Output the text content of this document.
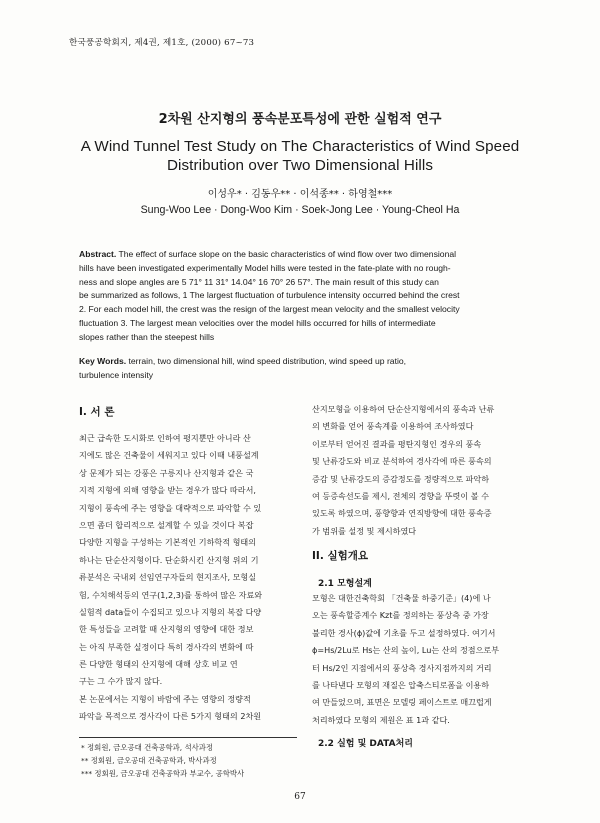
한국풍공학회지, 제4권, 제1호, (2000) 67~73
2차원 산지형의 풍속분포특성에 관한 실험적 연구
A Wind Tunnel Test Study on The Characteristics of Wind Speed
Distribution over Two Dimensional Hills
이성우* · 김동우** · 이석종** · 하영철***
Sung-Woo Lee · Dong-Woo Kim · Soek-Jong Lee · Young-Cheol Ha
Abstract. The effect of surface slope on the basic characteristics of wind flow over two dimensional
hills have been investigated experimentally Model hills were tested in the fate-plate with no rough-
ness and slope angles are 5 71° 11 31° 14.04° 16 70° 26 57°. The main result of this study can
be summarized as follows, 1 The largest fluctuation of turbulence intensity occurred behind the crest
2. For each model hill, the crest was the resign of the largest mean velocity and the smallest velocity
fluctuation 3. The largest mean velocities over the model hills occurred for hills of intermediate
slopes rather than the steepest hills
Key Words. terrain, two dimensional hill, wind speed distribution, wind speed up ratio,
turbulence intensity
I. 서 론
최근 급속한 도시화로 인하여 평지뿐만 아니라 산
지에도 많은 건축물이 세워지고 있다 이때 내풍설계
상 문제가 되는 강풍은 구릉지나 산지형과 같은 국
지적 지형에 의해 영향을 받는 경우가 많다 따라서,
지형이 풍속에 주는 영향을 대략적으로 파악할 수 있
으면 좀더 합리적으로 설계할 수 있을 것이다 복잡
다양한 지형을 구성하는 기본적인 기하학적 형태의
하나는 단순산지형이다. 단순화시킨 산지형 위의 기
류분석은 국내외 선임연구자들의 현지조사, 모형실
험, 수치해석등의 연구(1,2,3)를 통하여 많은 자료와
실험적 data들이 수집되고 있으나 지형의 복잡 다양
한 특성들을 고려할 때 산지형의 영향에 대한 정보
는 아직 부족한 실정이다 특히 경사각의 변화에 따
른 다양한 형태의 산지형에 대해 상호 비교 연
구는 그 수가 많지 않다.
본 논문에서는 지형이 바람에 주는 영향의 정량적
파악을 목적으로 경사각이 다른 5가지 형태의 2차원
* 정회원, 금오공대 건축공학과, 석사과정
** 정회원, 금오공대 건축공학과, 박사과정
*** 정회원, 금오공대 건축공학과 부교수, 공학박사
산지모형을 이용하여 단순산지형에서의 풍속과 난류
의 변화를 얻어 풍속계를 이용하여 조사하였다
이로부터 얻어진 결과를 평탄지형인 경우의 풍속
및 난류강도와 비교 분석하여 경사각에 따른 풍속의
증감 및 난류강도의 증감정도를 정량적으로 파악하
여 등증속선도를 제시, 전체의 경향을 뚜렷이 볼 수
있도록 하였으며, 풍향향과 연직방향에 대한 풍속증
가 범위를 설정 및 제시하였다
II. 실험개요
2.1 모형설계
모형은 대한건축학회 「건축물 하중기준」(4)에 나
오는 풍속할증계수 Kzt를 정의하는 풍상측 중 가장
불리한 경사(ϕ)값에 기초를 두고 설정하였다. 여기서
ϕ=Hs/2Lu로 Hs는 산의 높이, Lu는 산의 정점으로부
터 Hs/2인 지점에서의 풍상측 경사지점까지의 거리
를 나타낸다 모형의 재질은 압축스티로폼을 이용하
여 만들었으며, 표면은 모델링 페이스트로 매끄럽게
처리하였다 모형의 제원은 표 1과 같다.
2.2 실험 및 DATA처리
67
